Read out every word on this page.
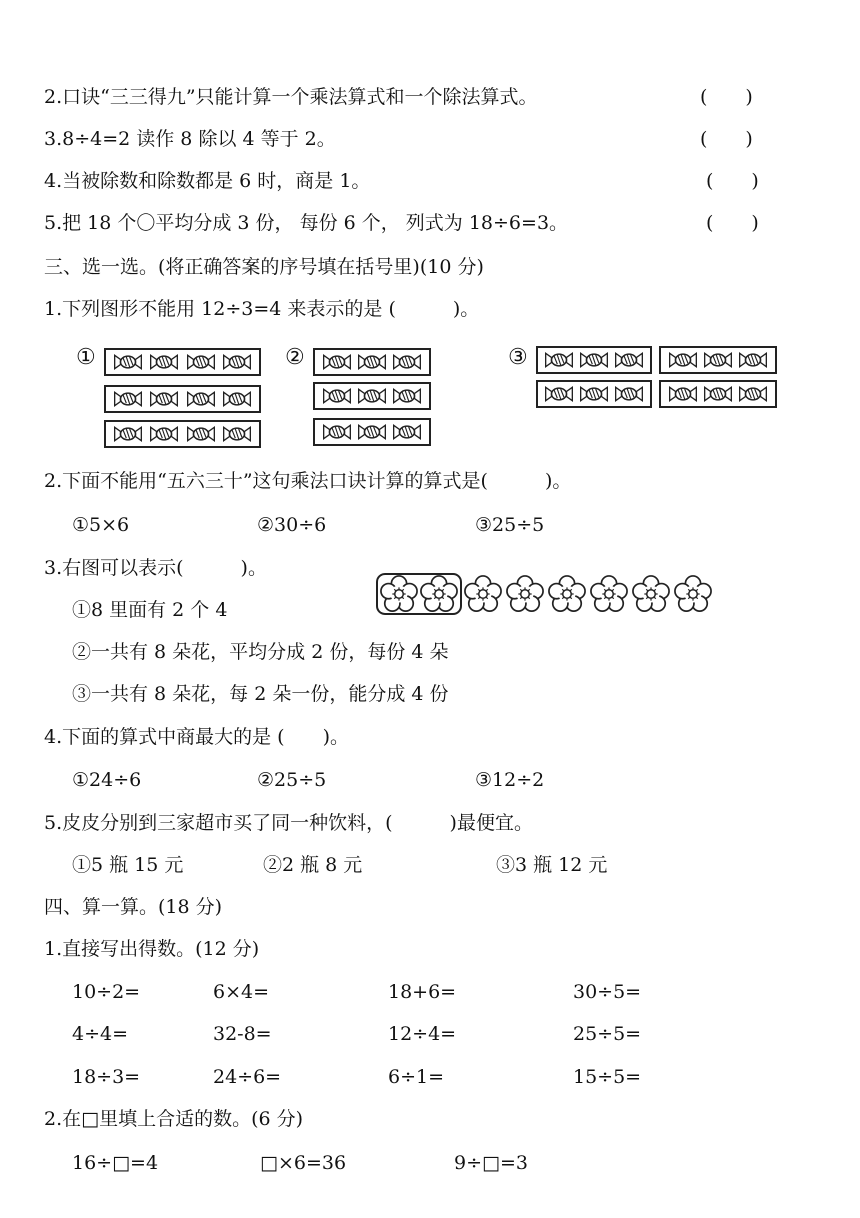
2.口诀“三三得九”只能计算一个乘法算式和一个除法算式。	(　　)
3.8÷4=2 读作 8 除以 4 等于 2。	(　　)
4.当被除数和除数都是 6 时，商是 1。	(　　)
5.把 18 个〇平均分成 3 份， 每份 6 个， 列式为 18÷6=3。	(　　)
三、选一选。(将正确答案的序号填在括号里)(10 分)
1.下列图形不能用 12÷3=4 来表示的是 (　　　)。
①	②	③
2.下面不能用“五六三十”这句乘法口诀计算的算式是(　　　)。
①5×6	②30÷6	③25÷5
3.右图可以表示(　　　)。
①8 里面有 2 个 4
②一共有 8 朵花，平均分成 2 份，每份 4 朵
③一共有 8 朵花，每 2 朵一份，能分成 4 份
4.下面的算式中商最大的是 (　　)。
①24÷6	②25÷5	③12÷2
5.皮皮分别到三家超市买了同一种饮料，(　　　)最便宜。
①5 瓶 15 元	②2 瓶 8 元	③3 瓶 12 元
四、算一算。(18 分)
1.直接写出得数。(12 分)
10÷2=	6×4=	18+6=	30÷5=
4÷4=	32-8=	12÷4=	25÷5=
18÷3=	24÷6=	6÷1=	15÷5=
2.在□里填上合适的数。(6 分)
16÷□=4	□×6=36	9÷□=3
